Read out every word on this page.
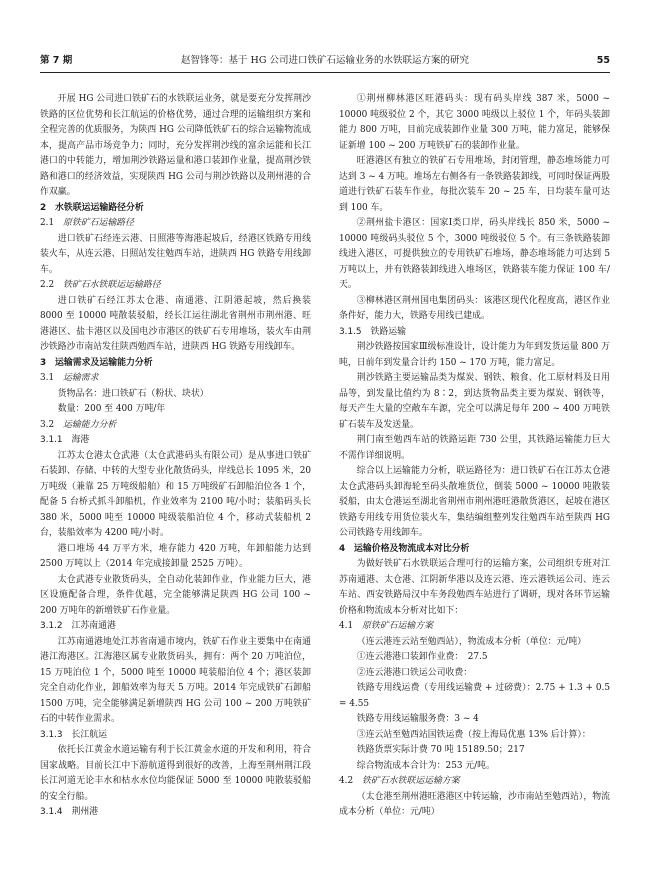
第 7 期	赵智锋等：基于 HG 公司进口铁矿石运输业务的水铁联运方案的研究	55

开展 HG 公司进口铁矿石的水铁联运业务，就是要充分发挥荆沙铁路的区位优势和长江航运的价格优势，通过合理的运输组织方案和全程完善的优质服务，为陕西 HG 公司降低铁矿石的综合运输物流成本，提高产品市场竞争力；同时，充分发挥荆沙线的富余运能和长江港口的中转能力，增加荆沙铁路运量和港口装卸作业量，提高荆沙铁路和港口的经济效益，实现陕西 HG 公司与荆沙铁路以及荆州港的合作双赢。

2　水铁联运运输路径分析

2.1　 原铁矿石运输路径

进口铁矿石经连云港、日照港等海港起坡后，经港区铁路专用线装火车，从连云港、日照站发往勉西车站，进陕西 HG 铁路专用线卸车。

2.2　 铁矿石水铁联运运输路径

进口铁矿石经江苏太仓港、南通港、江阴港起坡，然后换装 8000 至 10000 吨散装驳船，经长江运往湖北省荆州市荆州港、旺港港区、盐卡港区以及国电沙市港区的铁矿石专用堆场，装火车由荆沙铁路沙市南站发往陕西勉西车站，进陕西 HG 铁路专用线卸车。

3　运输需求及运输能力分析

3.1　 运输需求

货物品名：进口铁矿石（粉状、块状）

数量：200 至 400 万吨/年

3.2　 运输能力分析

3.1.1　海港

江苏太仓港太仓武港（太仓武港码头有限公司）是从事进口铁矿石装卸、存储、中转的大型专业化散货码头，岸线总长 1095 米，20 万吨级（兼靠 25 万吨级船舶）和 15 万吨级矿石卸船泊位各 1 个，配备 5 台桥式抓斗卸船机，作业效率为 2100 吨/小时；装船码头长 380 米，5000 吨至 10000 吨级装船泊位 4 个，移动式装船机 2 台，装船效率为 4200 吨/小时。

港口堆场 44 万平方米，堆存能力 420 万吨，年卸船能力达到 2500 万吨以上（2014 年完成接卸量 2525 万吨）。

太仓武港专业散货码头，全自动化装卸作业，作业能力巨大，港区设施配备合理，条件优越，完全能够满足陕西 HG 公司 100 ~ 200 万吨年的新增铁矿石作业量。

3.1.2　江苏南通港

江苏南通港地处江苏省南通市境内，铁矿石作业主要集中在南通港江海港区。江海港区属专业散货码头，拥有：两个 20 万吨泊位，15 万吨泊位 1 个，5000 吨至 10000 吨装船泊位 4 个；港区装卸完全自动化作业，卸船效率为每天 5 万吨。2014 年完成铁矿石卸船 1500 万吨，完全能够满足新增陕西 HG 公司 100 ~ 200 万吨铁矿石的中转作业需求。

3.1.3　长江航运

依托长江黄金水道运输有利于长江黄金水道的开发和利用，符合国家战略。目前长江中下游航道得到很好的改善，上海至荆州荆江段长江河道无论丰水和枯水水位均能保证 5000 至 10000 吨散装驳船的安全行船。

3.1.4　荆州港

①荆州柳林港区旺港码头：现有码头岸线 387 米，5000 ~ 10000 吨级驳位 2 个，其它 3000 吨级以上驳位 1 个，年码头装卸能力 800 万吨，目前完成装卸作业量 300 万吨，能力富足，能够保证新增 100 ~ 200 万吨铁矿石的装卸作业量。

旺港港区有独立的铁矿石专用堆场，封闭管理，静态堆场能力可达到 3 ~ 4 万吨。堆场左右侧各有一条铁路装卸线，可同时保证两股道进行铁矿石装车作业，每批次装车 20 ~ 25 车，日均装车量可达到 100 车。

②荆州盐卡港区：国家Ⅰ类口岸，码头岸线长 850 米，5000 ~ 10000 吨级码头驳位 5 个，3000 吨级驳位 5 个。有三条铁路装卸线进入港区，可提供独立的专用铁矿石堆场，静态堆场能力可达到 5 万吨以上，并有铁路装卸线进入堆场区，铁路装车能力保证 100 车/天。

③柳林港区荆州国电集团码头：该港区现代化程度高，港区作业条件好，能力大，铁路专用线已建成。

3.1.5　铁路运输

荆沙铁路按国家Ⅲ级标准设计，设计能力为年到发货运量 800 万吨，日前年到发量合计约 150 ~ 170 万吨，能力富足。

荆沙铁路主要运输品类为煤炭、钢铁、粮食、化工原材料及日用品等，到发量比值约为 8∶2，到达货物品类主要为煤炭、钢铁等，每天产生大量的空敞车车源，完全可以满足每年 200 ~ 400 万吨铁矿石装车及发送量。

荆门南至勉西车站的铁路运距 730 公里，其铁路运输能力巨大不需作详细说明。

综合以上运输能力分析，联运路径为：进口铁矿石在江苏太仓港太仓武港码头卸海轮至码头散堆货位，倒装 5000 ~ 10000 吨散装驳船，由太仓港运至湖北省荆州市荆州港旺港散货港区，起坡在港区铁路专用线专用货位装火车，集结编组整列发往勉西车站至陕西 HG 公司铁路专用线卸车。

4　运输价格及物流成本对比分析

为做好铁矿石水铁联运合理可行的运输方案，公司组织专班对江苏南通港、太仓港、江阴新华港以及连云港、连云港铁运公司、连云车站、西安铁路局汉中车务段勉西车站进行了调研，现对各环节运输价格和物流成本分析对比如下：

4.1　 原铁矿石运输方案

（连云港连云站至勉西站），物流成本分析（单位：元/吨）

①连云港港口装卸作业费：　27.5

②连云港港口铁运公司收费：

铁路专用线运费（专用线运输费 + 过磅费）：2.75 + 1.3 + 0.5 = 4.55

铁路专用线运输服务费：3 ~ 4

③连云站至勉西站国铁运费（按上海局优惠 13% 后计算）：

铁路货票实际计费 70 吨 15189.50；217

综合物流成本合计为：253 元/吨。

4.2　 铁矿石水铁联运运输方案

（太仓港至荆州港旺港港区中转运输，沙市南站至勉西站），物流成本分析（单位：元/吨）
